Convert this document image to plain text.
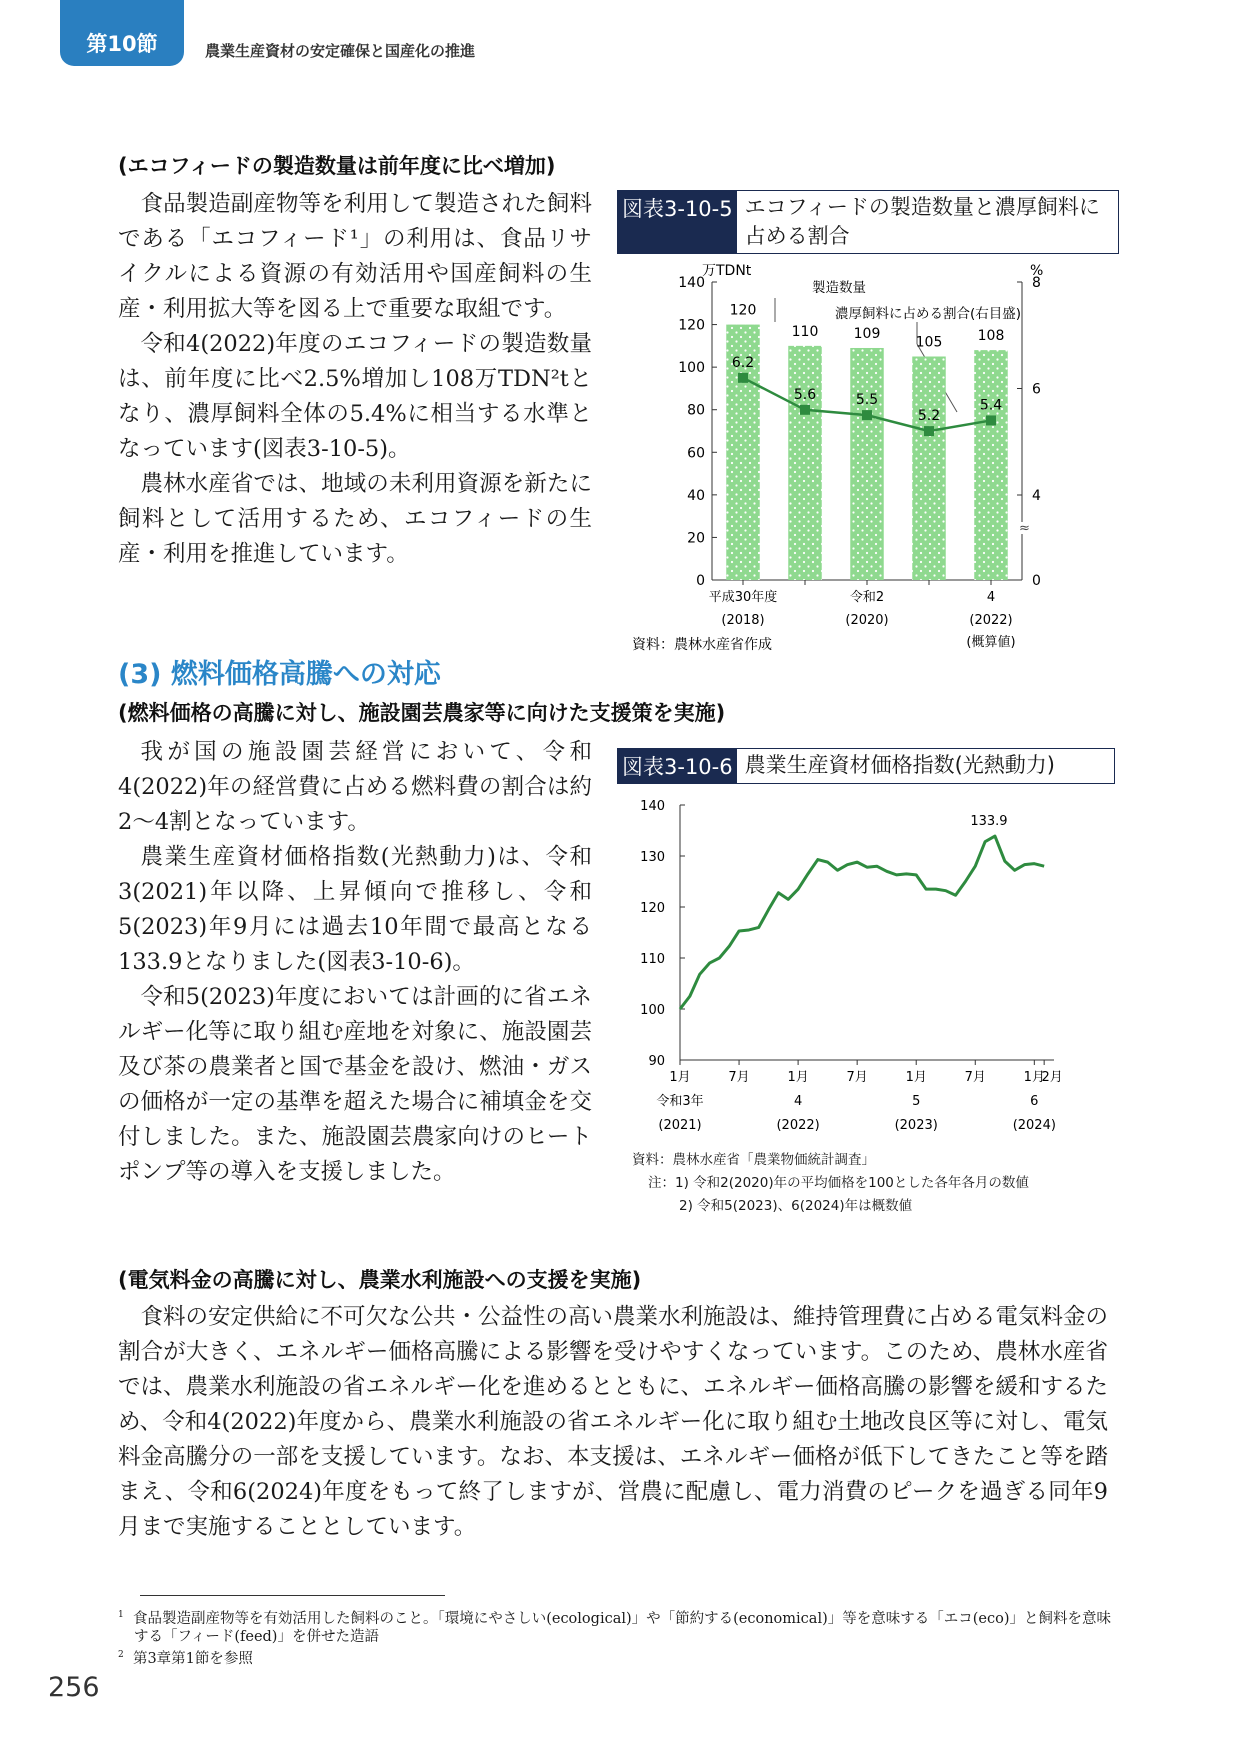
第10節	農業生産資材の安定確保と国産化の推進
(エコフィードの製造数量は前年度に比べ増加)

食品製造副産物等を利用して製造された飼料である「エコフィード¹」の利用は、食品リサイクルによる資源の有効活用や国産飼料の生産・利用拡大等を図る上で重要な取組です。

令和4(2022)年度のエコフィードの製造数量は、前年度に比べ2.5%増加し108万TDN²tとなり、濃厚飼料全体の5.4%に相当する水準となっています(図表3-10-5)。

農林水産省では、地域の未利用資源を新たに飼料として活用するため、エコフィードの生産・利用を推進しています。

図表3-10-5 エコフィードの製造数量と濃厚飼料に占める割合
≈
0
20
40
60
80
100
120
140
0
4
6
8
120
110	109
105	108
6.2
5.6	5.5
5.2
5.4
万TDNt	%
製造数量
濃厚飼料に占める割合(右目盛)
平成30年度
(2018)
令和2
(2020)
4
(2022)
(概算値)
資料：農林水産省作成
(3) 燃料価格高騰への対応
(燃料価格の高騰に対し、施設園芸農家等に向けた支援策を実施)

我が国の施設園芸経営において、令和4(2022)年の経営費に占める燃料費の割合は約2～4割となっています。

農業生産資材価格指数(光熱動力)は、令和3(2021)年以降、上昇傾向で推移し、令和5(2023)年9月には過去10年間で最高となる133.9となりました(図表3-10-6)。

令和5(2023)年度においては計画的に省エネルギー化等に取り組む産地を対象に、施設園芸及び茶の農業者と国で基金を設け、燃油・ガスの価格が一定の基準を超えた場合に補填金を交付しました。また、施設園芸農家向けのヒートポンプ等の導入を支援しました。

図表3-10-6 農業生産資材価格指数(光熱動力)
90
100
110
120
130
140
133.9
1月
令和3年
(2021)
7月	1月
4
(2022)
7月	1月
5
(2023)
7月	1月
6
(2024)
2月
資料：農林水産省「農業物価統計調査」
注：1) 令和2(2020)年の平均価格を100とした各年各月の数値
2) 令和5(2023)、6(2024)年は概数値
(電気料金の高騰に対し、農業水利施設への支援を実施)

食料の安定供給に不可欠な公共・公益性の高い農業水利施設は、維持管理費に占める電気料金の割合が大きく、エネルギー価格高騰による影響を受けやすくなっています。このため、農林水産省では、農業水利施設の省エネルギー化を進めるとともに、エネルギー価格高騰の影響を緩和するため、令和4(2022)年度から、農業水利施設の省エネルギー化に取り組む土地改良区等に対し、電気料金高騰分の一部を支援しています。なお、本支援は、エネルギー価格が低下してきたこと等を踏まえ、令和6(2024)年度をもって終了しますが、営農に配慮し、電力消費のピークを過ぎる同年9月まで実施することとしています。

$^1$ 食品製造副産物等を有効活用した飼料のこと。「環境にやさしい(ecological)」や「節約する(economical)」等を意味する「エコ(eco)」と飼料を意味する「フィード(feed)」を併せた造語
$^2$ 第3章第1節を参照
256
